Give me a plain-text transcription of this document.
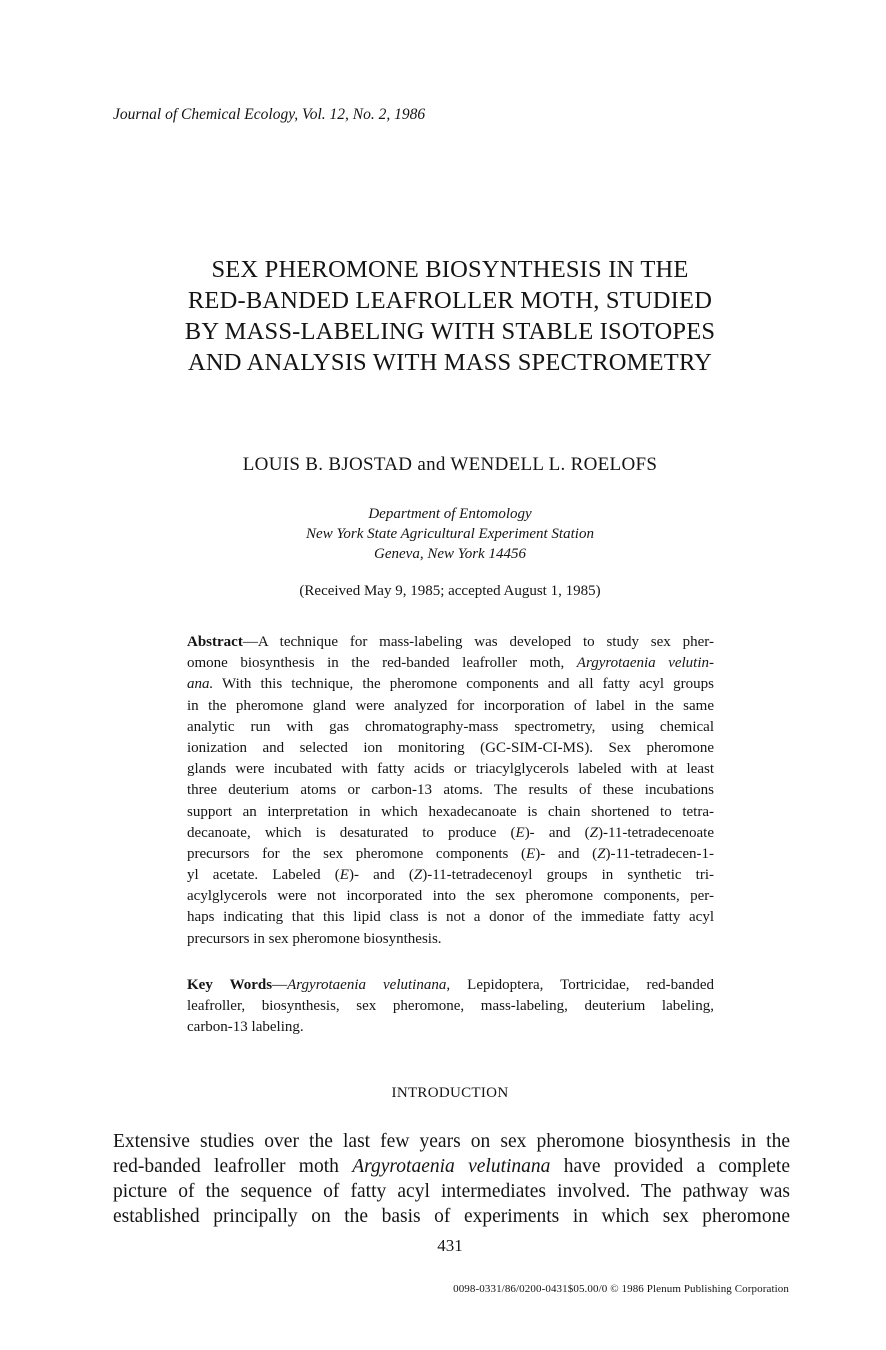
Journal of Chemical Ecology, Vol. 12, No. 2, 1986
SEX PHEROMONE BIOSYNTHESIS IN THE
RED-BANDED LEAFROLLER MOTH, STUDIED
BY MASS-LABELING WITH STABLE ISOTOPES
AND ANALYSIS WITH MASS SPECTROMETRY
LOUIS B. BJOSTAD and WENDELL L. ROELOFS
Department of Entomology
New York State Agricultural Experiment Station
Geneva, New York 14456
(Received May 9, 1985; accepted August 1, 1985)
Abstract—A technique for mass-labeling was developed to study sex pher-
omone biosynthesis in the red-banded leafroller moth, Argyrotaenia velutin-
ana. With this technique, the pheromone components and all fatty acyl groups
in the pheromone gland were analyzed for incorporation of label in the same
analytic run with gas chromatography-mass spectrometry, using chemical
ionization and selected ion monitoring (GC-SIM-CI-MS). Sex pheromone
glands were incubated with fatty acids or triacylglycerols labeled with at least
three deuterium atoms or carbon-13 atoms. The results of these incubations
support an interpretation in which hexadecanoate is chain shortened to tetra-
decanoate, which is desaturated to produce (E)- and (Z)-11-tetradecenoate
precursors for the sex pheromone components (E)- and (Z)-11-tetradecen-1-
yl acetate. Labeled (E)- and (Z)-11-tetradecenoyl groups in synthetic tri-
acylglycerols were not incorporated into the sex pheromone components, per-
haps indicating that this lipid class is not a donor of the immediate fatty acyl
precursors in sex pheromone biosynthesis.
Key Words—Argyrotaenia velutinana, Lepidoptera, Tortricidae, red-banded
leafroller, biosynthesis, sex pheromone, mass-labeling, deuterium labeling,
carbon-13 labeling.
INTRODUCTION
Extensive studies over the last few years on sex pheromone biosynthesis in the
red-banded leafroller moth Argyrotaenia velutinana have provided a complete
picture of the sequence of fatty acyl intermediates involved. The pathway was
established principally on the basis of experiments in which sex pheromone
431
0098-0331/86/0200-0431$05.00/0 © 1986 Plenum Publishing Corporation
